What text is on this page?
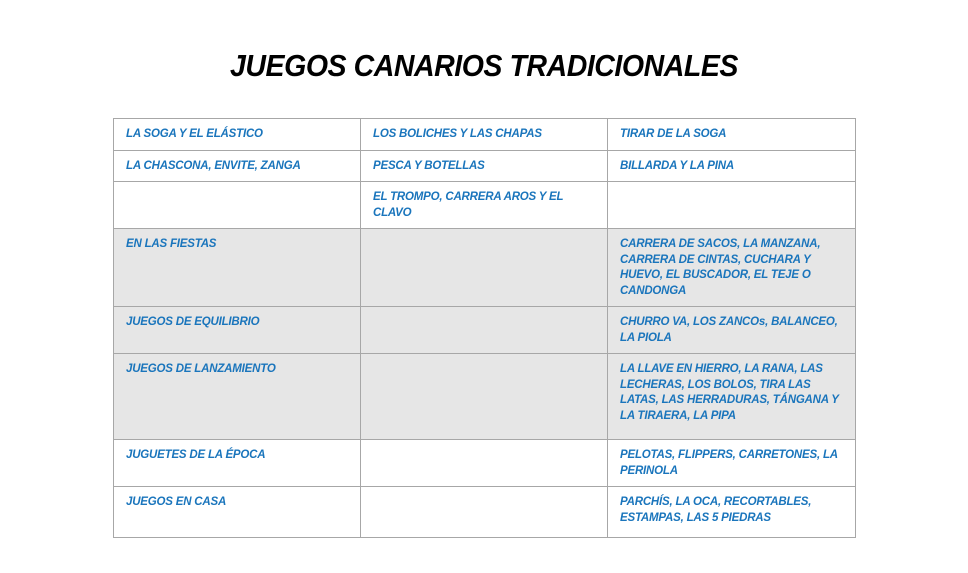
JUEGOS CANARIOS TRADICIONALES
LA SOGA Y EL ELÁSTICO	LOS BOLICHES Y LAS CHAPAS	TIRAR DE LA SOGA
LA CHASCONA, ENVITE, ZANGA	PESCA Y BOTELLAS	BILLARDA Y LA PINA
	EL TROMPO, CARRERA AROS Y EL CLAVO	
EN LAS FIESTAS		CARRERA DE SACOS, LA MANZANA, CARRERA DE CINTAS, CUCHARA Y HUEVO, EL BUSCADOR, EL TEJE O CANDONGA
JUEGOS DE EQUILIBRIO		CHURRO VA, LOS ZANCOs, BALANCEO, LA PIOLA
JUEGOS DE LANZAMIENTO		LA LLAVE EN HIERRO, LA RANA, LAS LECHERAS, LOS BOLOS, TIRA LAS LATAS, LAS HERRADURAS, TÁNGANA Y LA TIRAERA, LA PIPA
JUGUETES DE LA ÉPOCA		PELOTAS, FLIPPERS, CARRETONES, LA PERINOLA
JUEGOS EN CASA		PARCHÍS, LA OCA, RECORTABLES, ESTAMPAS, LAS 5 PIEDRAS
